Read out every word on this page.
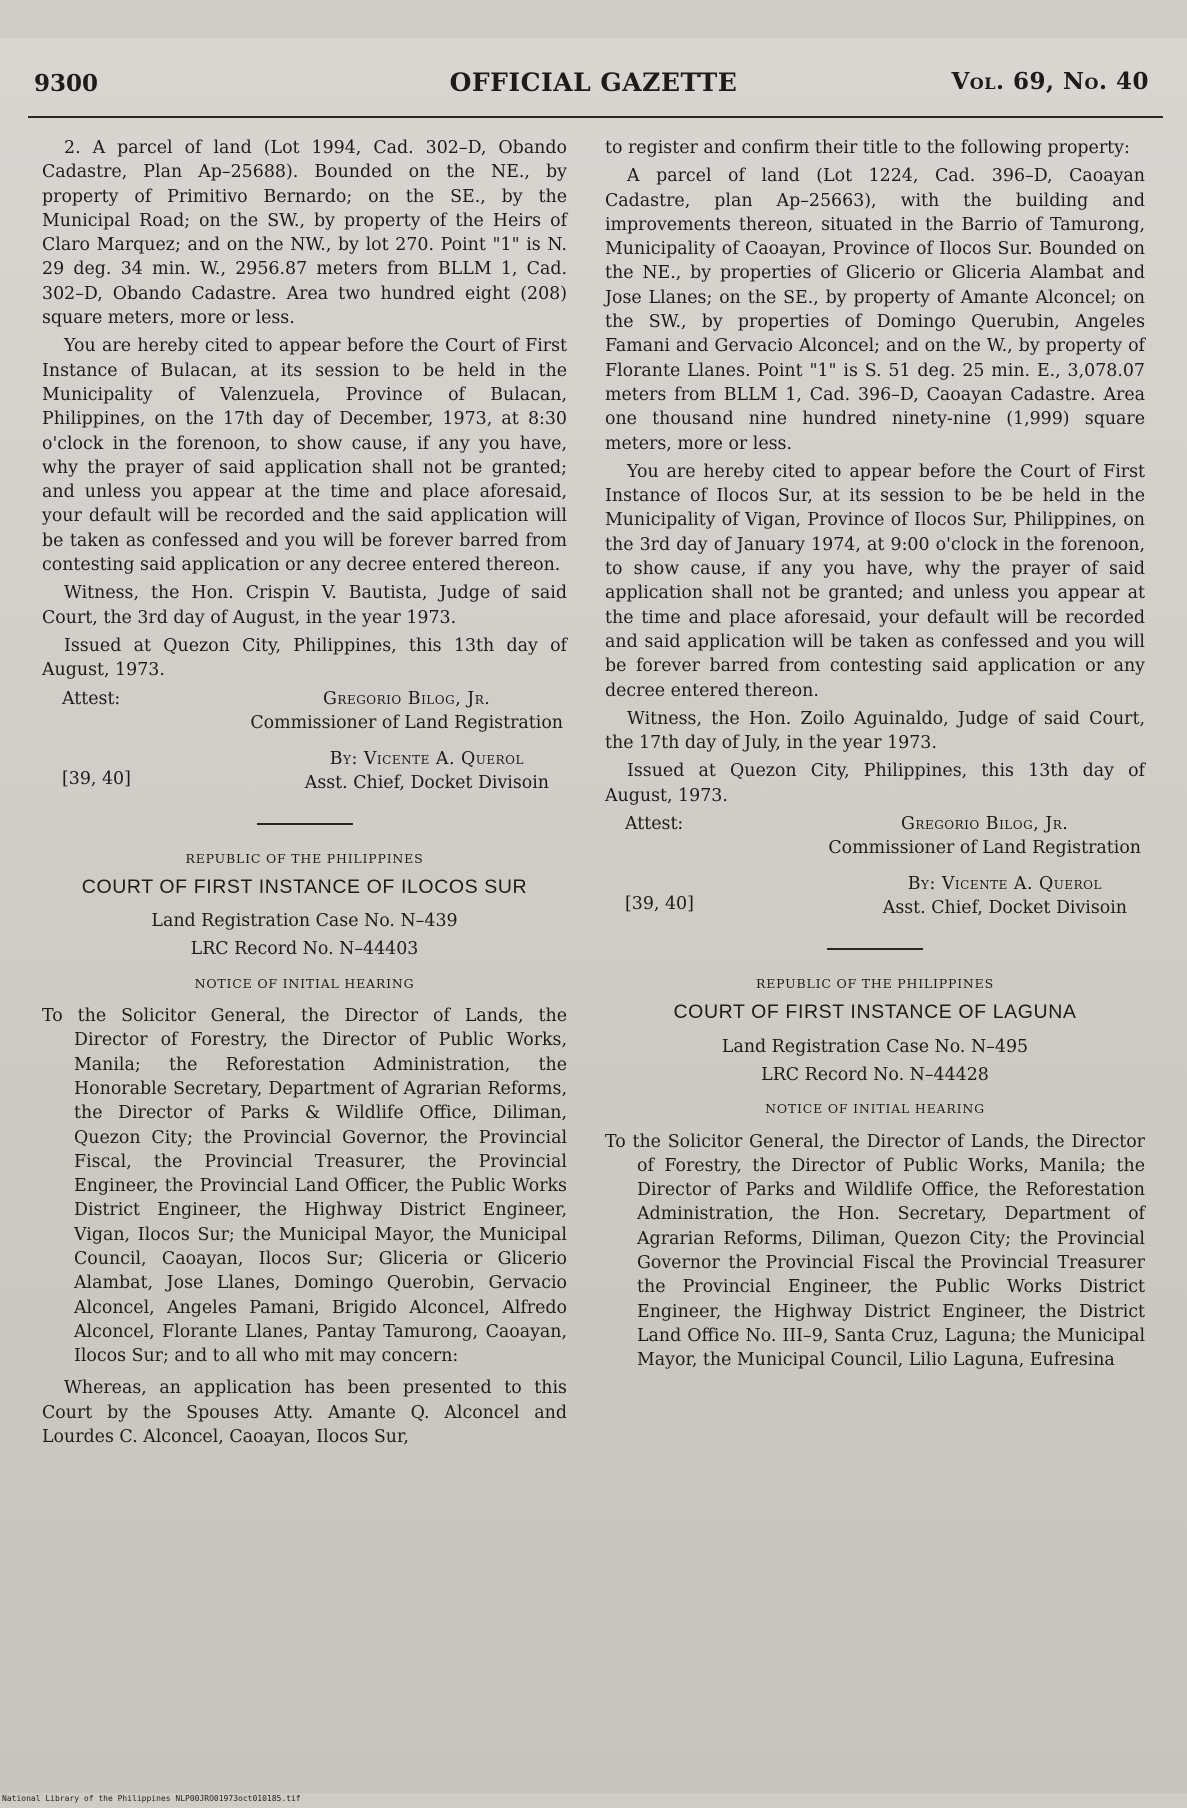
9300	OFFICIAL GAZETTE	Vol. 69, No. 40

2. A parcel of land (Lot 1994, Cad. 302–D, Obando Cadastre, Plan Ap–25688). Bounded on the NE., by property of Primitivo Bernardo; on the SE., by the Municipal Road; on the SW., by property of the Heirs of Claro Marquez; and on the NW., by lot 270. Point "1" is N. 29 deg. 34 min. W., 2956.87 meters from BLLM 1, Cad. 302–D, Obando Cadastre. Area two hundred eight (208) square meters, more or less.

You are hereby cited to appear before the Court of First Instance of Bulacan, at its session to be held in the Municipality of Valenzuela, Province of Bulacan, Philippines, on the 17th day of December, 1973, at 8:30 o'clock in the forenoon, to show cause, if any you have, why the prayer of said application shall not be granted; and unless you appear at the time and place aforesaid, your default will be recorded and the said application will be taken as confessed and you will be forever barred from contesting said application or any decree entered thereon.

Witness, the Hon. Crispin V. Bautista, Judge of said Court, the 3rd day of August, in the year 1973.

Issued at Quezon City, Philippines, this 13th day of August, 1973.

Attest:	Gregorio Bilog, Jr.
Commissioner of Land Registration
[39, 40]
By: Vicente A. Querol
Asst. Chief, Docket Divisoin

REPUBLIC OF THE PHILIPPINES

COURT OF FIRST INSTANCE OF ILOCOS SUR

Land Registration Case No. N–439

LRC Record No. N–44403

NOTICE OF INITIAL HEARING

To the Solicitor General, the Director of Lands, the Director of Forestry, the Director of Public Works, Manila; the Reforestation Administration, the Honorable Secretary, Department of Agrarian Reforms, the Director of Parks & Wildlife Office, Diliman, Quezon City; the Provincial Governor, the Provincial Fiscal, the Provincial Treasurer, the Provincial Engineer, the Provincial Land Officer, the Public Works District Engineer, the Highway District Engineer, Vigan, Ilocos Sur; the Municipal Mayor, the Municipal Council, Caoayan, Ilocos Sur; Gliceria or Glicerio Alambat, Jose Llanes, Domingo Querobin, Gervacio Alconcel, Angeles Pamani, Brigido Alconcel, Alfredo Alconcel, Florante Llanes, Pantay Tamurong, Caoayan, Ilocos Sur; and to all who mit may concern:

Whereas, an application has been presented to this Court by the Spouses Atty. Amante Q. Alconcel and Lourdes C. Alconcel, Caoayan, Ilocos Sur,

to register and confirm their title to the following property:

A parcel of land (Lot 1224, Cad. 396–D, Caoayan Cadastre, plan Ap–25663), with the building and improvements thereon, situated in the Barrio of Tamurong, Municipality of Caoayan, Province of Ilocos Sur. Bounded on the NE., by properties of Glicerio or Gliceria Alambat and Jose Llanes; on the SE., by property of Amante Alconcel; on the SW., by properties of Domingo Querubin, Angeles Famani and Gervacio Alconcel; and on the W., by property of Florante Llanes. Point "1" is S. 51 deg. 25 min. E., 3,078.07 meters from BLLM 1, Cad. 396–D, Caoayan Cadastre. Area one thousand nine hundred ninety-nine (1,999) square meters, more or less.

You are hereby cited to appear before the Court of First Instance of Ilocos Sur, at its session to be be held in the Municipality of Vigan, Province of Ilocos Sur, Philippines, on the 3rd day of January 1974, at 9:00 o'clock in the forenoon, to show cause, if any you have, why the prayer of said application shall not be granted; and unless you appear at the time and place aforesaid, your default will be recorded and said application will be taken as confessed and you will be forever barred from contesting said application or any decree entered thereon.

Witness, the Hon. Zoilo Aguinaldo, Judge of said Court, the 17th day of July, in the year 1973.

Issued at Quezon City, Philippines, this 13th day of August, 1973.

Attest:	Gregorio Bilog, Jr.
Commissioner of Land Registration
[39, 40]
By: Vicente A. Querol
Asst. Chief, Docket Divisoin

REPUBLIC OF THE PHILIPPINES

COURT OF FIRST INSTANCE OF LAGUNA

Land Registration Case No. N–495

LRC Record No. N–44428

NOTICE OF INITIAL HEARING

To the Solicitor General, the Director of Lands, the Director of Forestry, the Director of Public Works, Manila; the Director of Parks and Wildlife Office, the Reforestation Administration, the Hon. Secretary, Department of Agrarian Reforms, Diliman, Quezon City; the Provincial Governor the Provincial Fiscal the Provincial Treasurer the Provincial Engineer, the Public Works District Engineer, the Highway District Engineer, the District Land Office No. III–9, Santa Cruz, Laguna; the Municipal Mayor, the Municipal Council, Lilio Laguna, Eufresina

National Library of the Philippines NLP00JRO01973oct010185.tif
